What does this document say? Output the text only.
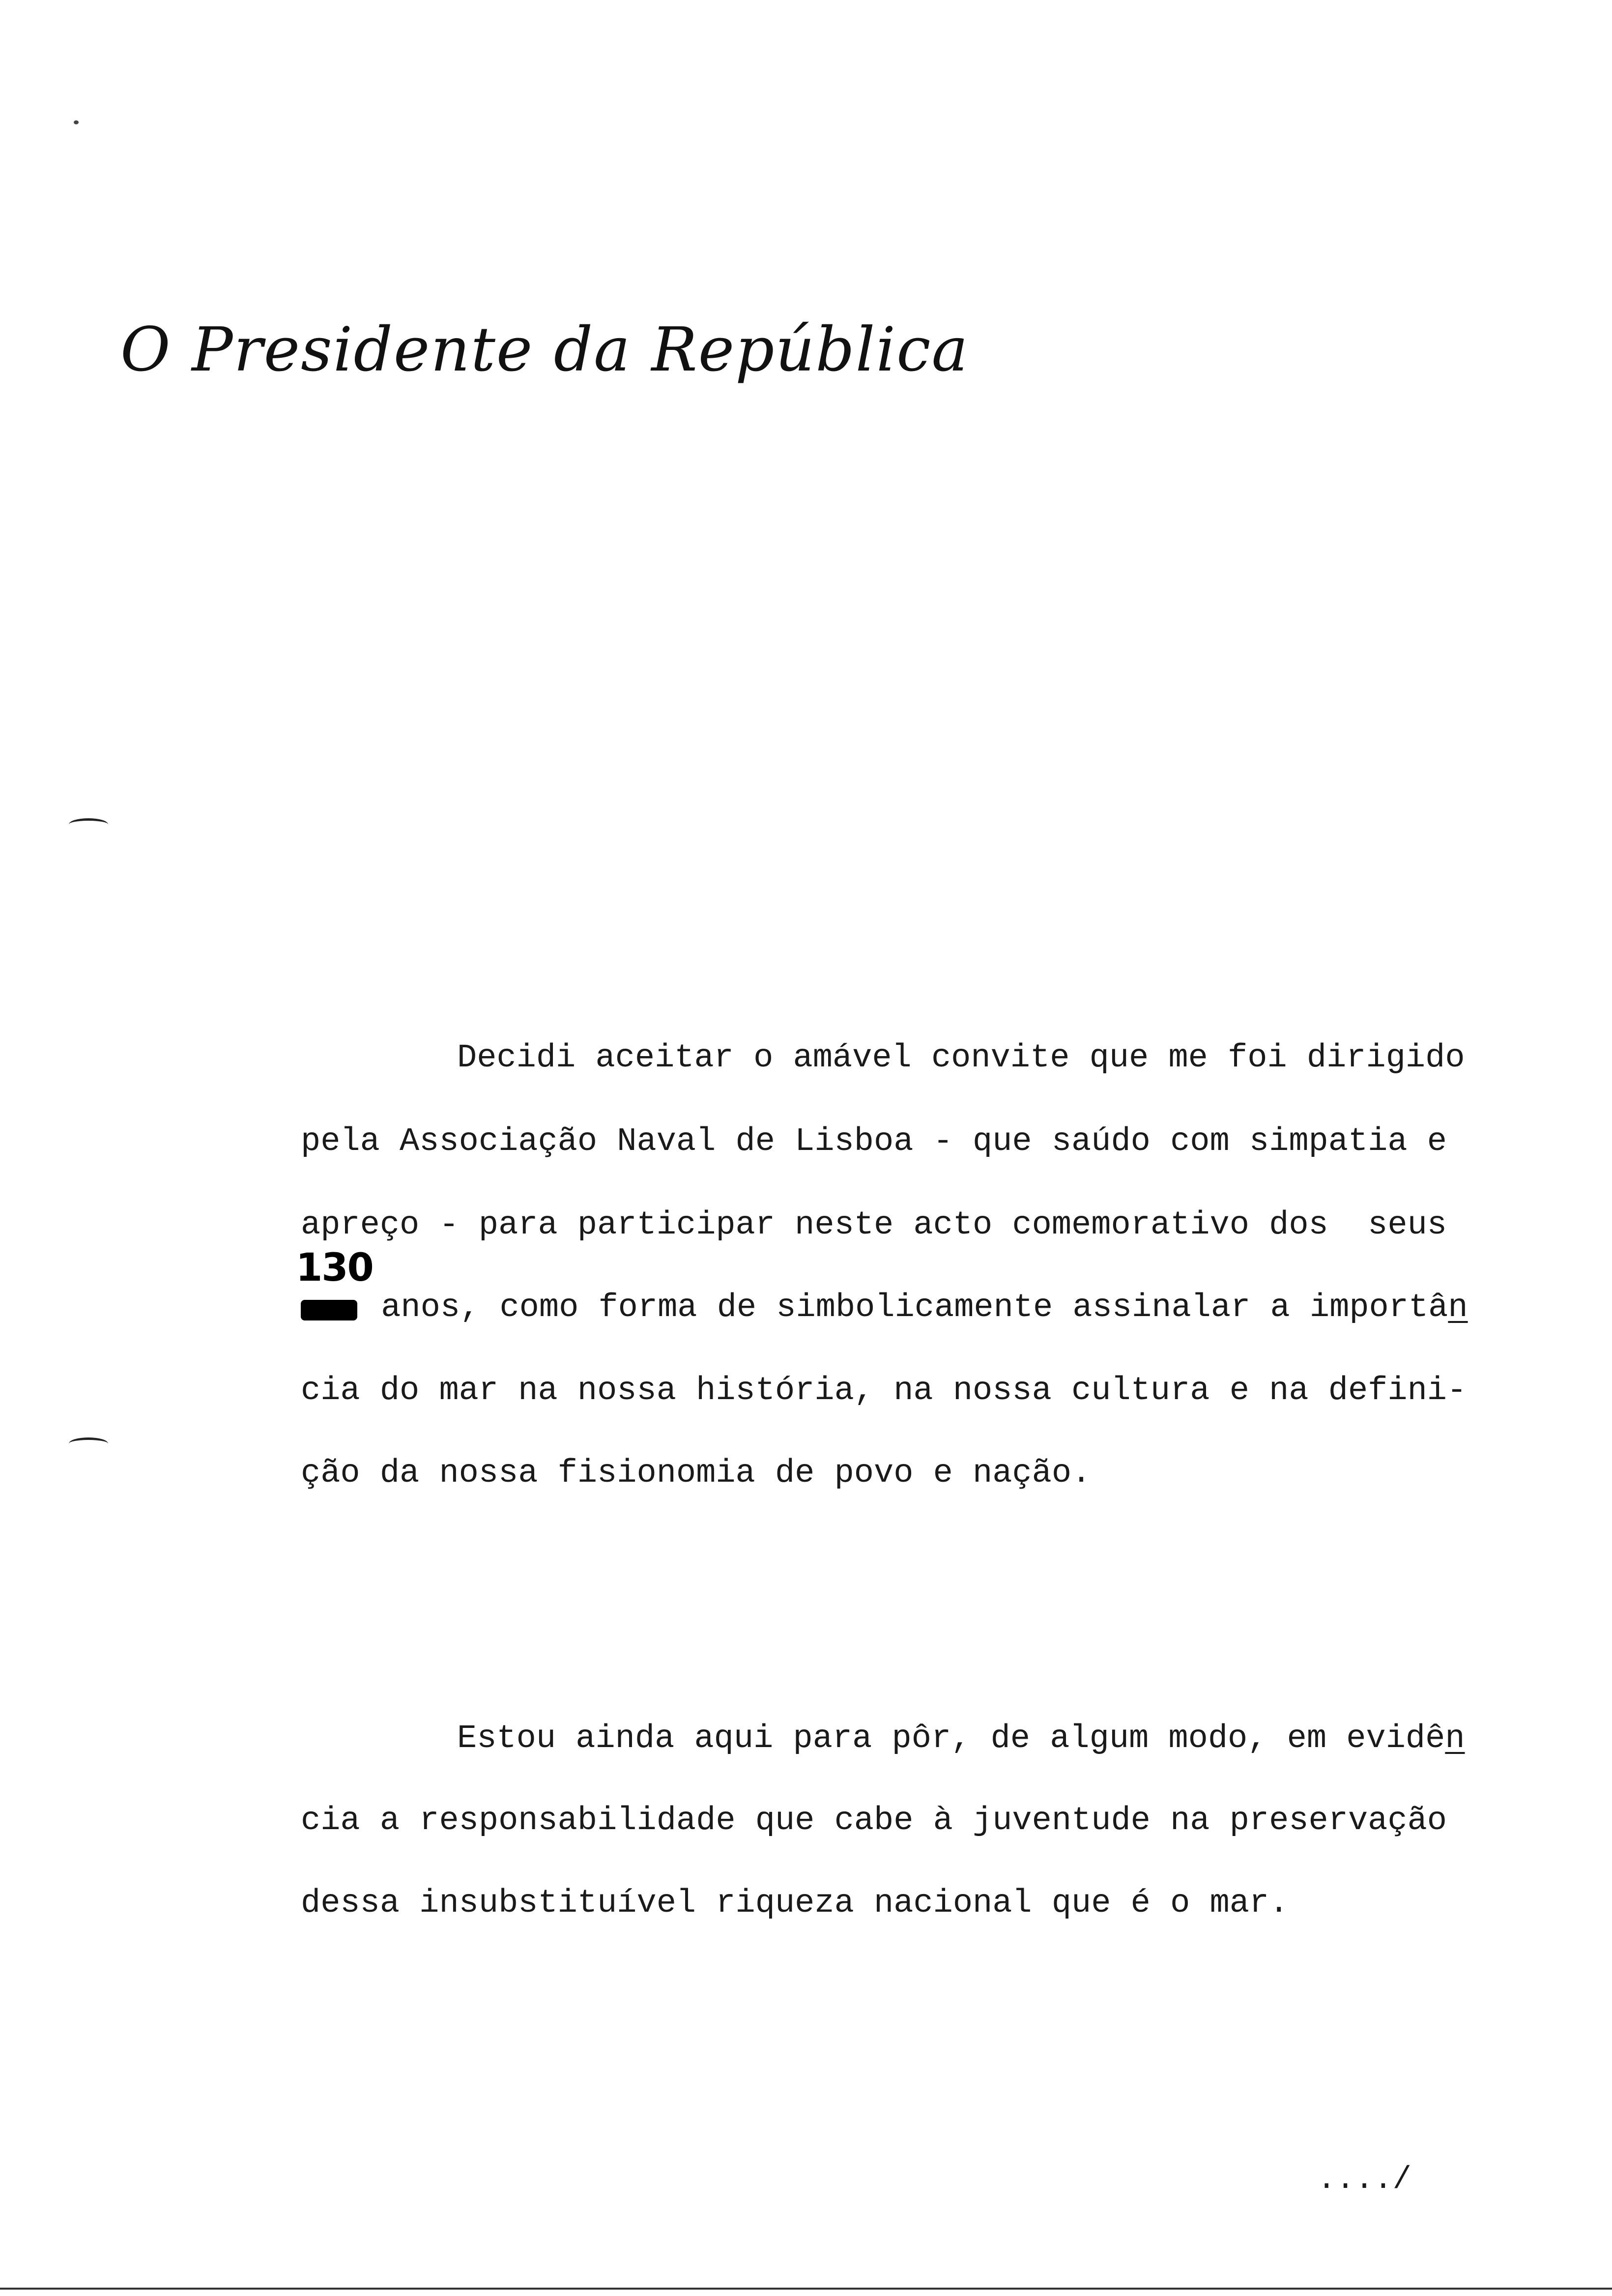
O Presidente da República
Decidi aceitar o amável convite que me foi dirigido
pela Associação Naval de Lisboa - que saúdo com simpatia e
apreço - para participar neste acto comemorativo dos  seus
130
anos, como forma de simbolicamente assinalar a importân
cia do mar na nossa história, na nossa cultura e na defini-
ção da nossa fisionomia de povo e nação.
Estou ainda aqui para pôr, de algum modo, em evidên
cia a responsabilidade que cabe à juventude na preservação
dessa insubstituível riqueza nacional que é o mar.
..../
